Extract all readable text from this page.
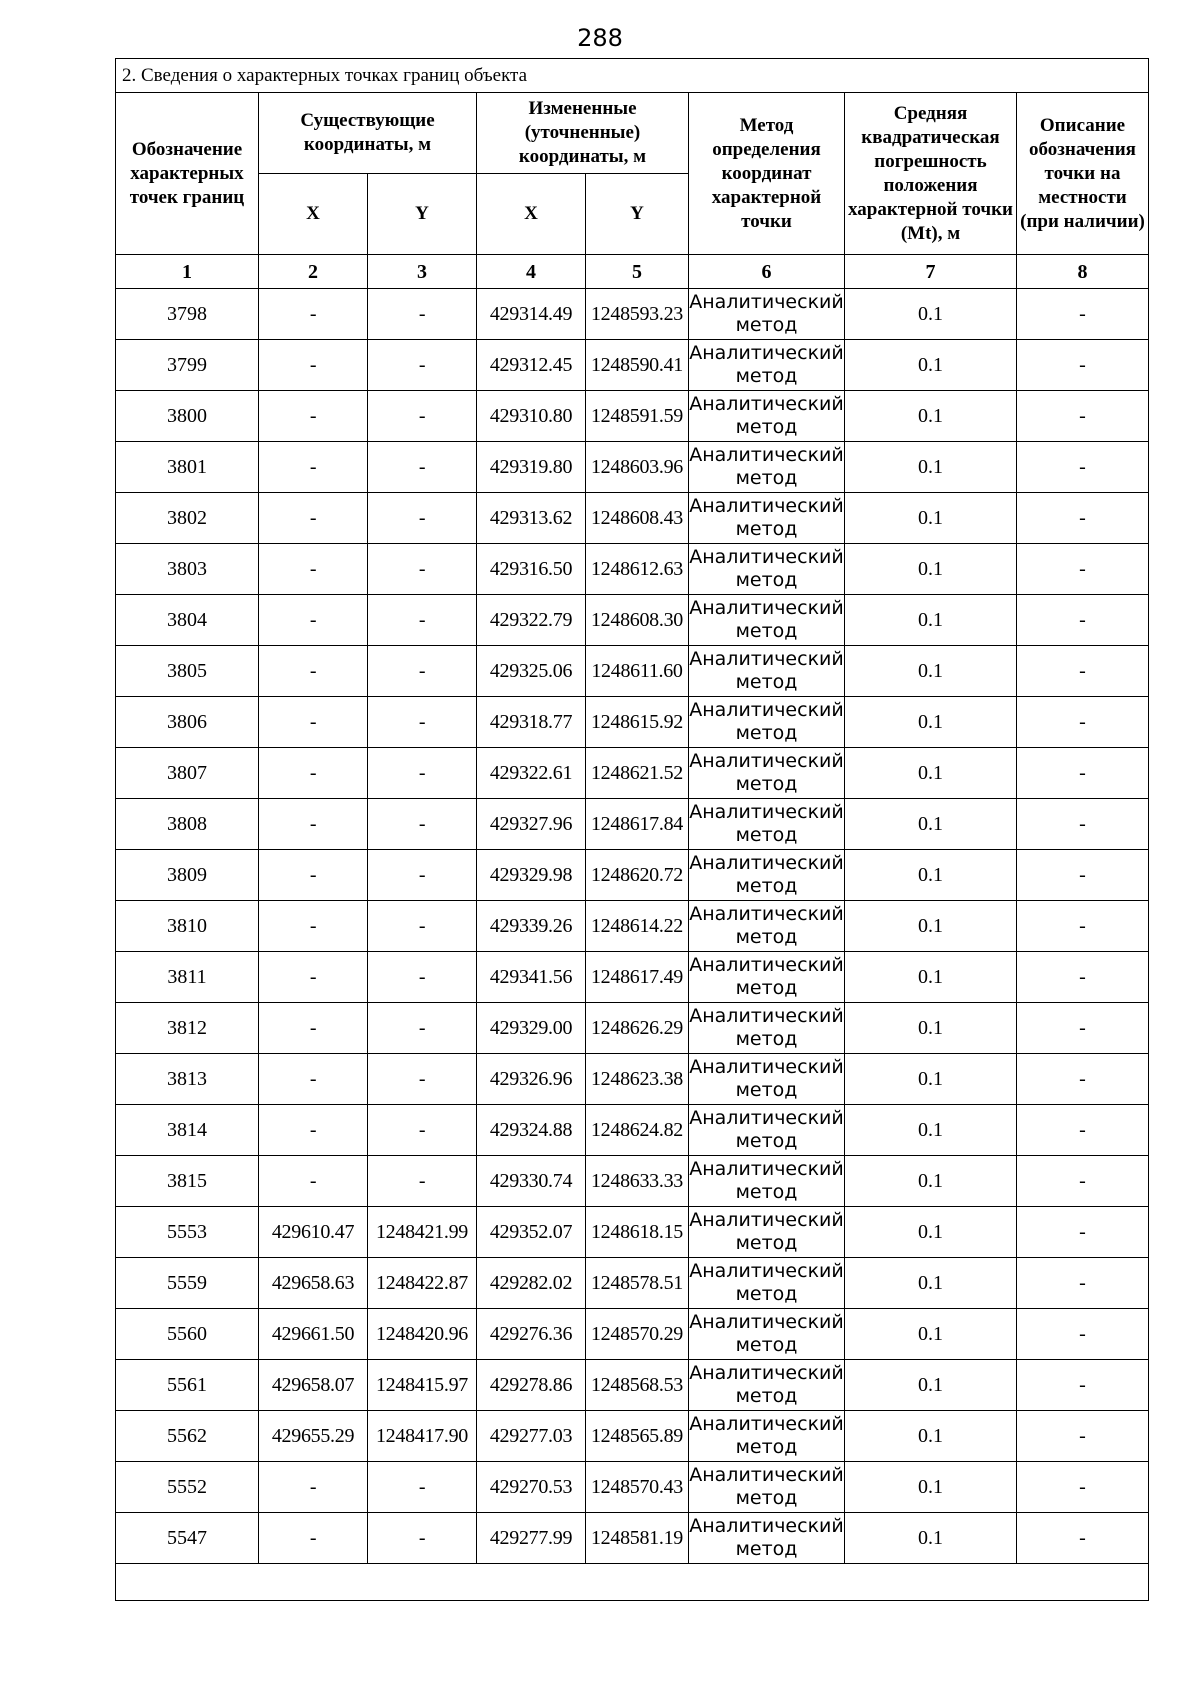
288
2. Сведения о характерных точках границ объекта							
Обозначение характерных точек границ	Существующие координаты, м		Измененные (уточненные) координаты, м		Метод определения координат характерной точки	Средняя квадратическая погрешность положения характерной точки (Mt), м	Описание обозначения точки на местности (при наличии)
	X	Y	X	Y			
1	2	3	4	5	6	7	8
3798	-	-	429314.49	1248593.23	Аналитический метод	0.1	-
3799	-	-	429312.45	1248590.41	Аналитический метод	0.1	-
3800	-	-	429310.80	1248591.59	Аналитический метод	0.1	-
3801	-	-	429319.80	1248603.96	Аналитический метод	0.1	-
3802	-	-	429313.62	1248608.43	Аналитический метод	0.1	-
3803	-	-	429316.50	1248612.63	Аналитический метод	0.1	-
3804	-	-	429322.79	1248608.30	Аналитический метод	0.1	-
3805	-	-	429325.06	1248611.60	Аналитический метод	0.1	-
3806	-	-	429318.77	1248615.92	Аналитический метод	0.1	-
3807	-	-	429322.61	1248621.52	Аналитический метод	0.1	-
3808	-	-	429327.96	1248617.84	Аналитический метод	0.1	-
3809	-	-	429329.98	1248620.72	Аналитический метод	0.1	-
3810	-	-	429339.26	1248614.22	Аналитический метод	0.1	-
3811	-	-	429341.56	1248617.49	Аналитический метод	0.1	-
3812	-	-	429329.00	1248626.29	Аналитический метод	0.1	-
3813	-	-	429326.96	1248623.38	Аналитический метод	0.1	-
3814	-	-	429324.88	1248624.82	Аналитический метод	0.1	-
3815	-	-	429330.74	1248633.33	Аналитический метод	0.1	-
5553	429610.47	1248421.99	429352.07	1248618.15	Аналитический метод	0.1	-
5559	429658.63	1248422.87	429282.02	1248578.51	Аналитический метод	0.1	-
5560	429661.50	1248420.96	429276.36	1248570.29	Аналитический метод	0.1	-
5561	429658.07	1248415.97	429278.86	1248568.53	Аналитический метод	0.1	-
5562	429655.29	1248417.90	429277.03	1248565.89	Аналитический метод	0.1	-
5552	-	-	429270.53	1248570.43	Аналитический метод	0.1	-
5547	-	-	429277.99	1248581.19	Аналитический метод	0.1	-
